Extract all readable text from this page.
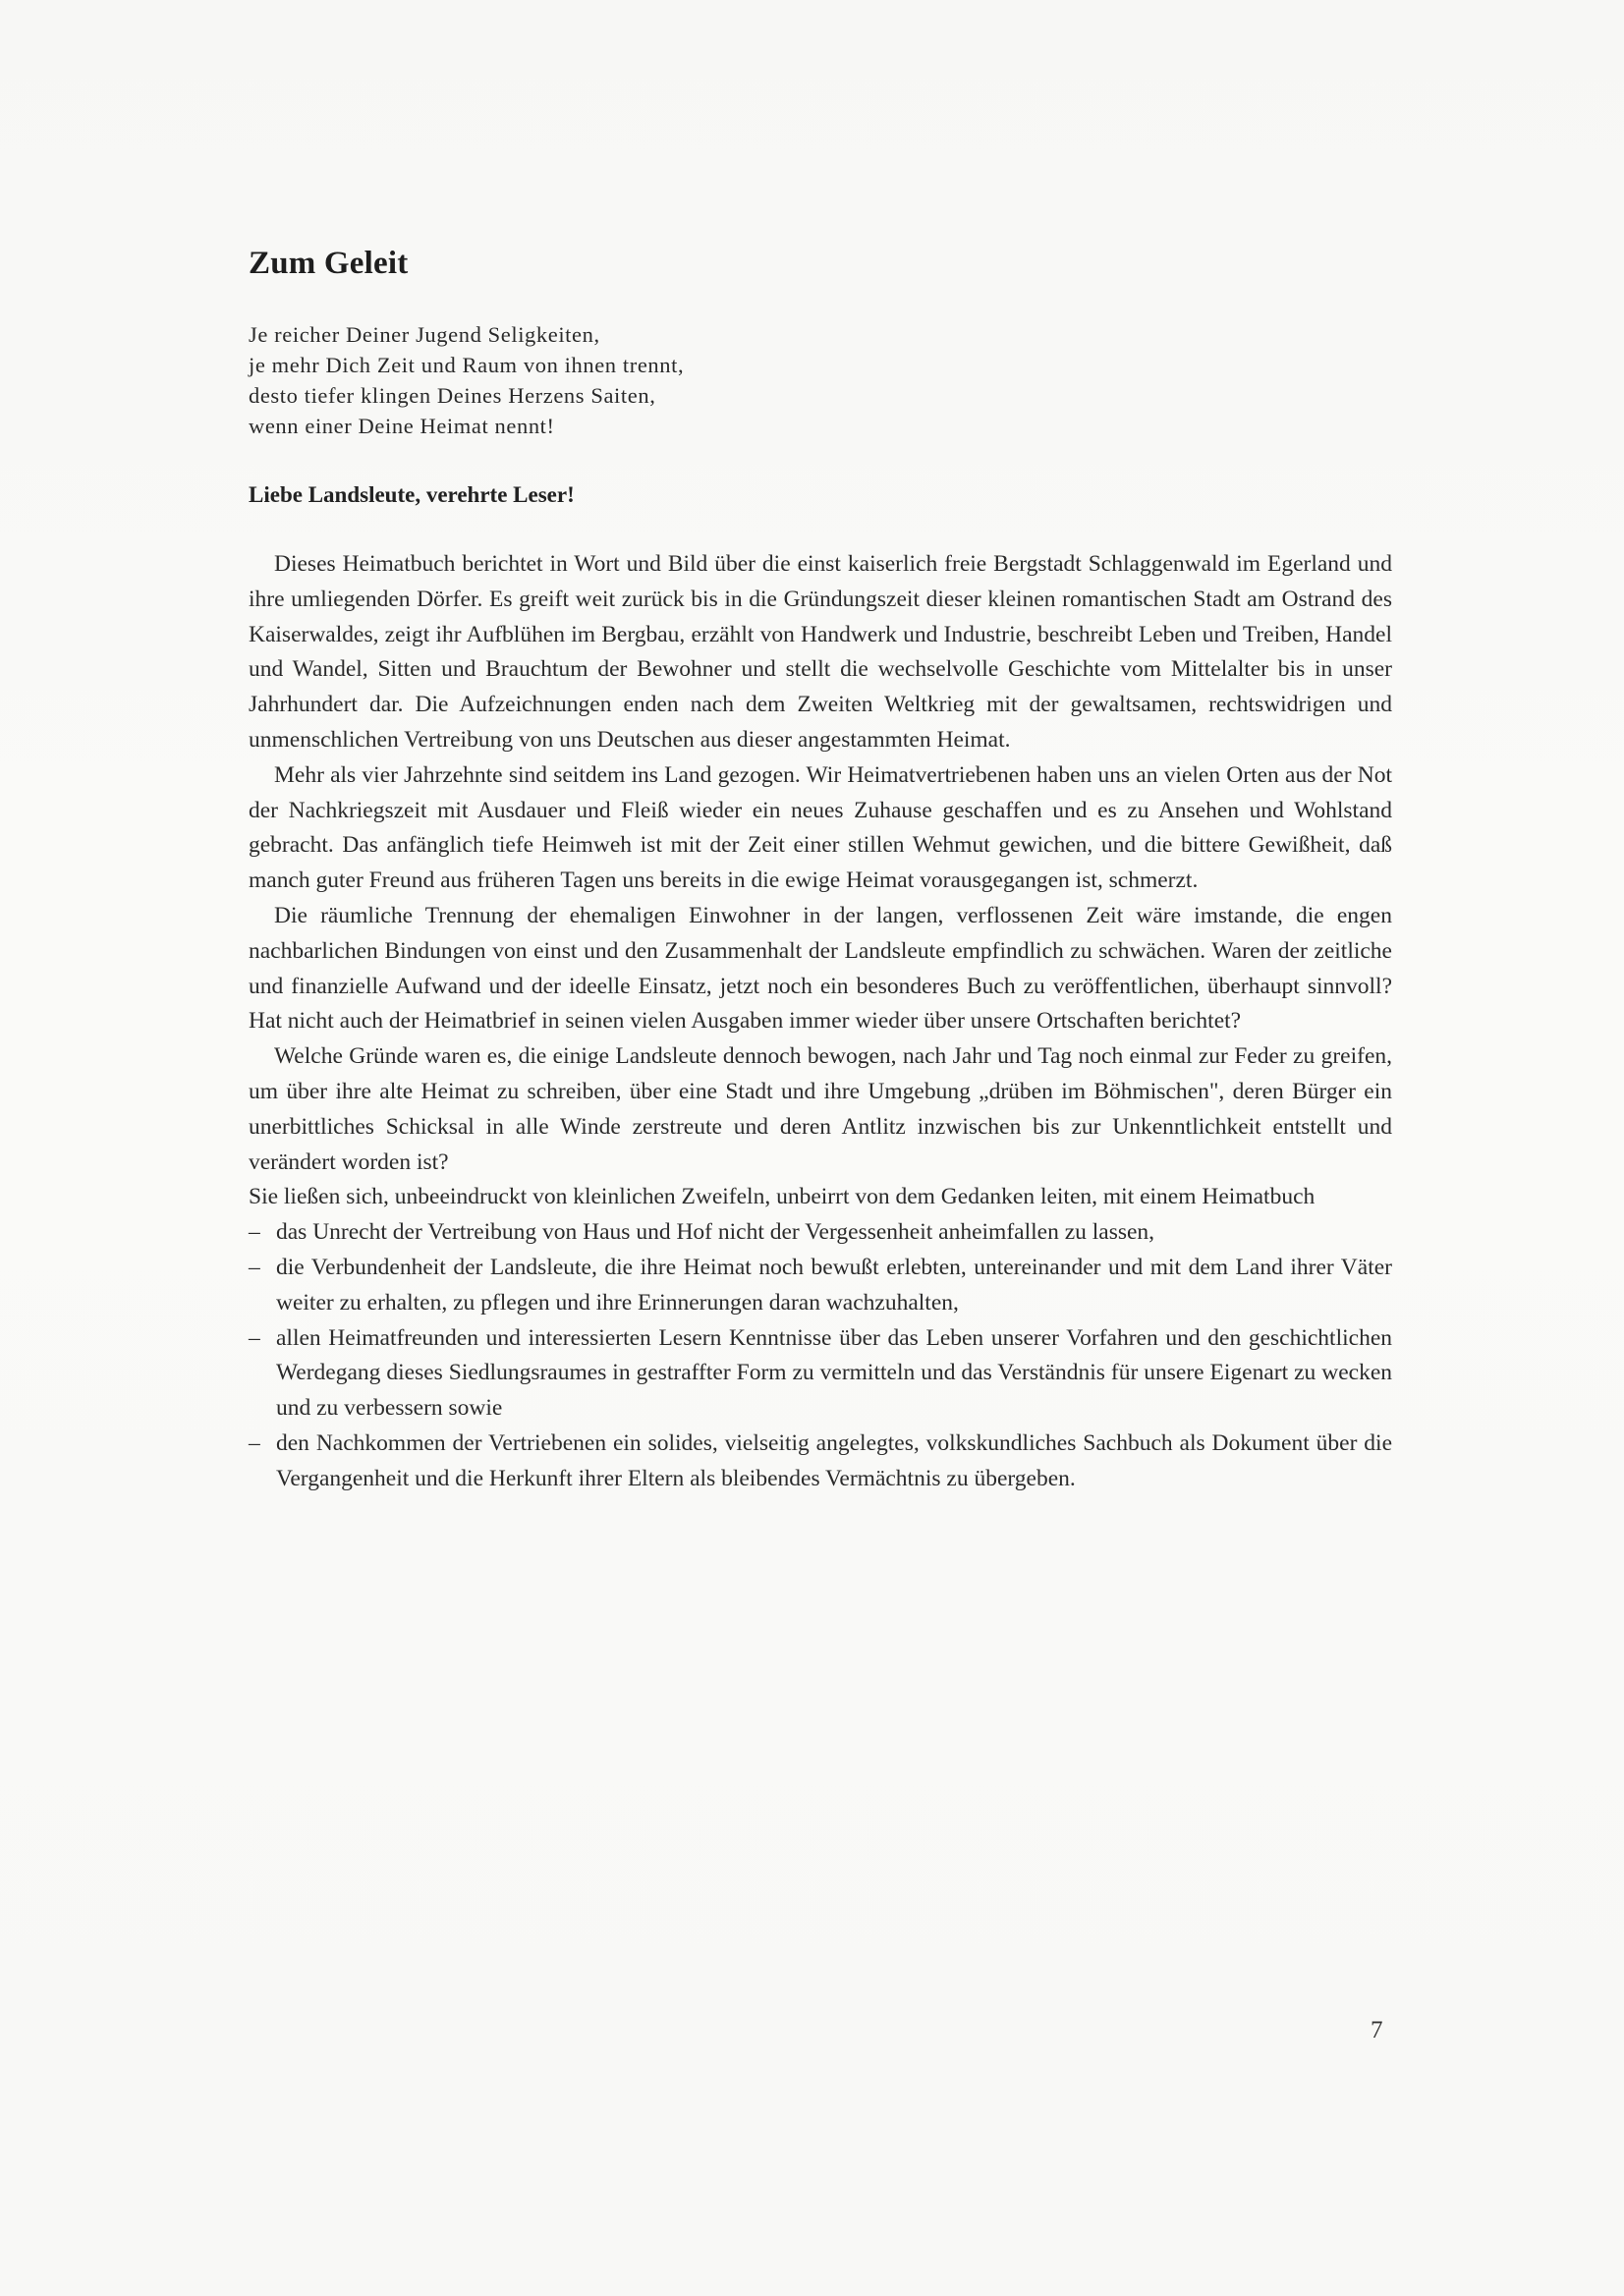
Zum Geleit
Je reicher Deiner Jugend Seligkeiten,
je mehr Dich Zeit und Raum von ihnen trennt,
desto tiefer klingen Deines Herzens Saiten,
wenn einer Deine Heimat nennt!
Liebe Landsleute, verehrte Leser!

Dieses Heimatbuch berichtet in Wort und Bild über die einst kaiserlich freie Bergstadt Schlaggenwald im Egerland und ihre umliegenden Dörfer. Es greift weit zurück bis in die Gründungszeit dieser kleinen romantischen Stadt am Ostrand des Kaiserwaldes, zeigt ihr Aufblühen im Bergbau, erzählt von Handwerk und Industrie, beschreibt Leben und Treiben, Handel und Wandel, Sitten und Brauchtum der Bewohner und stellt die wechselvolle Geschichte vom Mittelalter bis in unser Jahrhundert dar. Die Aufzeichnungen enden nach dem Zweiten Weltkrieg mit der gewaltsamen, rechtswidrigen und unmenschlichen Vertreibung von uns Deutschen aus dieser angestammten Heimat.

Mehr als vier Jahrzehnte sind seitdem ins Land gezogen. Wir Heimatvertriebenen haben uns an vielen Orten aus der Not der Nachkriegszeit mit Ausdauer und Fleiß wieder ein neues Zuhause geschaffen und es zu Ansehen und Wohlstand gebracht. Das anfänglich tiefe Heimweh ist mit der Zeit einer stillen Wehmut gewichen, und die bittere Gewißheit, daß manch guter Freund aus früheren Tagen uns bereits in die ewige Heimat vorausgegangen ist, schmerzt.

Die räumliche Trennung der ehemaligen Einwohner in der langen, verflossenen Zeit wäre imstande, die engen nachbarlichen Bindungen von einst und den Zusammenhalt der Landsleute empfindlich zu schwächen. Waren der zeitliche und finanzielle Aufwand und der ideelle Einsatz, jetzt noch ein besonderes Buch zu veröffentlichen, überhaupt sinnvoll? Hat nicht auch der Heimatbrief in seinen vielen Ausgaben immer wieder über unsere Ortschaften berichtet?

Welche Gründe waren es, die einige Landsleute dennoch bewogen, nach Jahr und Tag noch einmal zur Feder zu greifen, um über ihre alte Heimat zu schreiben, über eine Stadt und ihre Umgebung „drüben im Böhmischen", deren Bürger ein unerbittliches Schicksal in alle Winde zerstreute und deren Antlitz inzwischen bis zur Unkenntlichkeit entstellt und verändert worden ist?

Sie ließen sich, unbeeindruckt von kleinlichen Zweifeln, unbeirrt von dem Gedanken leiten, mit einem Heimatbuch

– das Unrecht der Vertreibung von Haus und Hof nicht der Vergessenheit anheimfallen zu lassen,
– die Verbundenheit der Landsleute, die ihre Heimat noch bewußt erlebten, untereinander und mit dem Land ihrer Väter weiter zu erhalten, zu pflegen und ihre Erinnerungen daran wachzuhalten,
– allen Heimatfreunden und interessierten Lesern Kenntnisse über das Leben unserer Vorfahren und den geschichtlichen Werdegang dieses Siedlungsraumes in gestraffter Form zu vermitteln und das Verständnis für unsere Eigenart zu wecken und zu verbessern sowie
– den Nachkommen der Vertriebenen ein solides, vielseitig angelegtes, volkskundliches Sachbuch als Dokument über die Vergangenheit und die Herkunft ihrer Eltern als bleibendes Vermächtnis zu übergeben.
7
